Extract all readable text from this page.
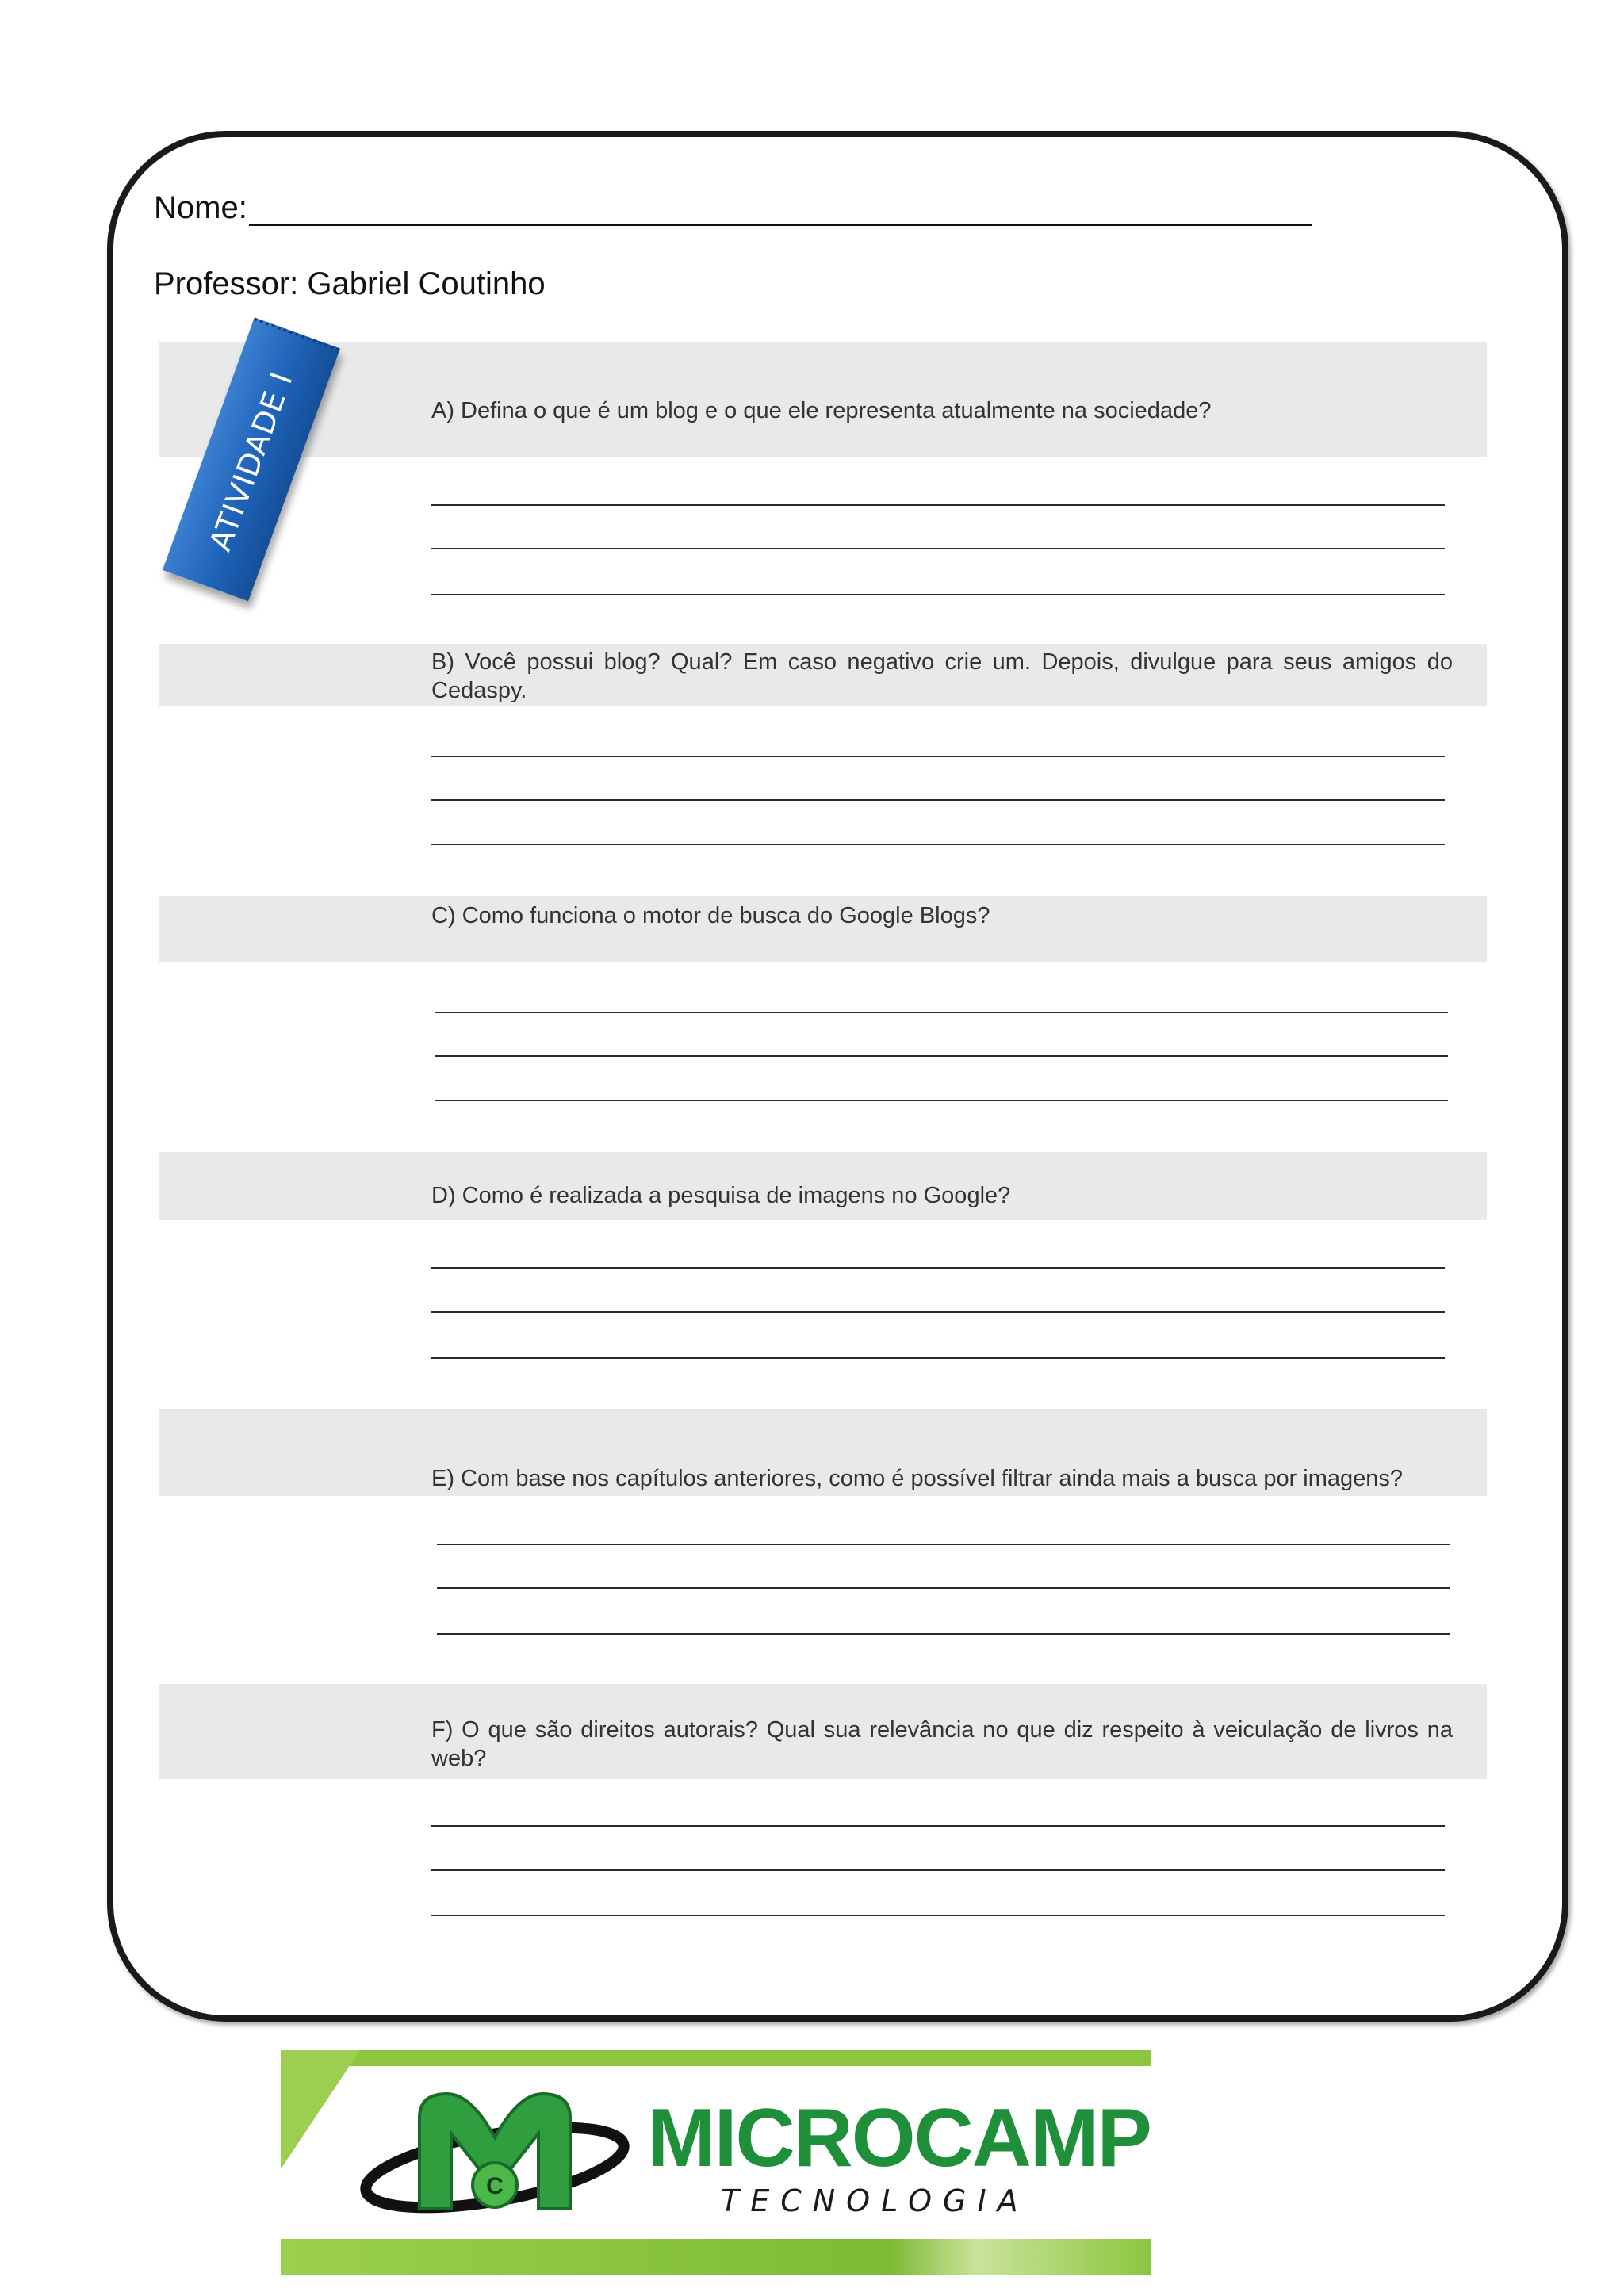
Nome:
Professor: Gabriel Coutinho
ATIVIDADE I	A) Defina o que é um blog e o que ele representa atualmente na sociedade?
B) Você possui blog? Qual? Em caso negativo crie um. Depois, divulgue para seus amigos do Cedaspy.
C) Como funciona o motor de busca do Google Blogs?
D) Como é realizada a pesquisa de imagens no Google?
E) Com base nos capítulos anteriores, como é possível filtrar ainda mais a busca por imagens?
F) O que são direitos autorais? Qual sua relevância no que diz respeito à veiculação de livros na web?
C
MICROCAMP
TECNOLOGIA
